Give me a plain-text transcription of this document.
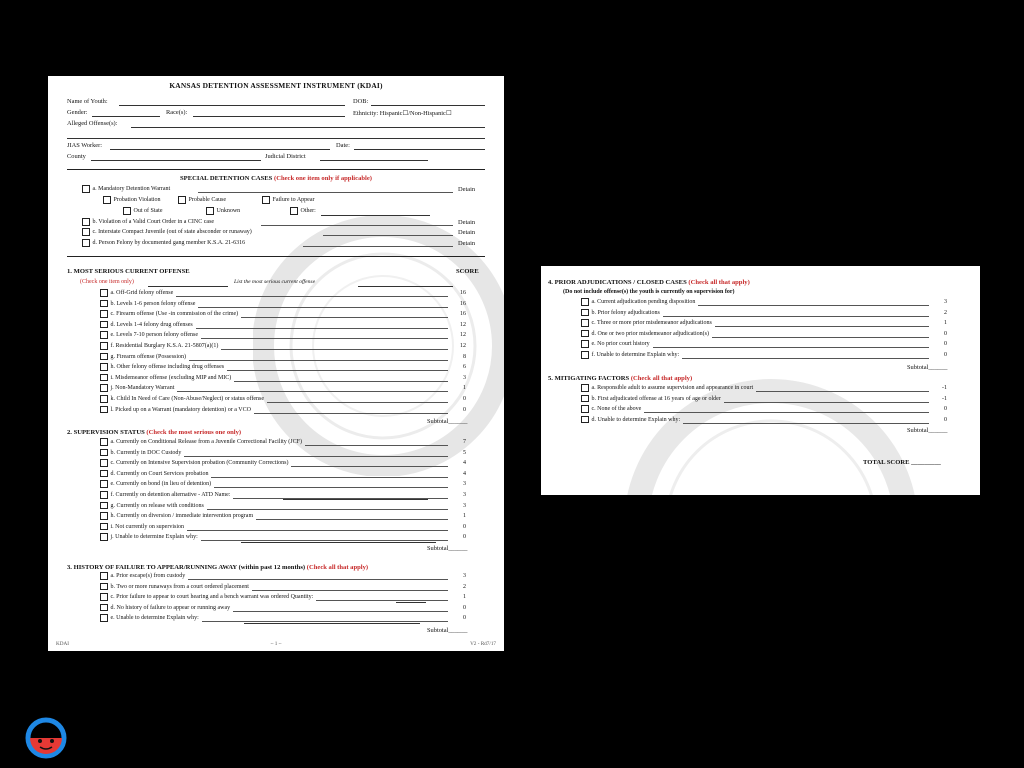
KANSAS DETENTION ASSESSMENT INSTRUMENT (KDAI)
Name of Youth:	DOB:
Gender:	Race(s):	Ethnicity: Hispanic☐/Non-Hispanic☐
Alleged Offense(s):
JIAS Worker:	Date:
County	Judicial District
SPECIAL DETENTION CASES (Check one item only if applicable)
a. Mandatory Detention Warrant	Detain
Probation Violation	Probable Cause	Failure to Appear
Out of State	Unknown	Other:
b. Violation of a Valid Court Order in a CINC case	Detain
c. Interstate Compact Juvenile (out of state absconder or runaway)	Detain
d. Person Felony by documented gang member K.S.A. 21-6316	Detain
1. MOST SERIOUS CURRENT OFFENSE	SCORE
(Check one item only)	List the most serious current offense
a. Off-Grid felony offense	16
b. Levels 1-6 person felony offense	16
c. Firearm offense (Use -in commission of the crime)	16
d. Levels 1-4 felony drug offenses	12
e. Levels 7-10 person felony offense	12
f. Residential Burglary K.S.A. 21-5807(a)(1)	12
g. Firearm offense (Possession)	8
h. Other felony offense including drug offenses	6
i. Misdemeanor offense (excluding MIP and MIC)	3
j. Non-Mandatory Warrant	1
k. Child In Need of Care (Non-Abuse/Neglect) or status offense	0
l. Picked up on a Warrant (mandatory detention) or a VCO	0
Subtotal______
2. SUPERVISION STATUS (Check the most serious one only)
a. Currently on Conditional Release from a Juvenile Correctional Facility (JCF)	7
b. Currently in DOC Custody	5
c. Currently on Intensive Supervision probation (Community Corrections)	4
d. Currently on Court Services probation	4
e. Currently on bond (in lieu of detention)	3
f. Currently on detention alternative - ATD Name:	3
g. Currently on release with conditions	3
h. Currently on diversion / immediate intervention program	1
i. Not currently on supervision	0
j. Unable to determine Explain why:	0
Subtotal______
3. HISTORY OF FAILURE TO APPEAR/RUNNING AWAY (within past 12 months) (Check all that apply)
a. Prior escape(s) from custody	3
b. Two or more runaways from a court ordered placement	2
c. Prior failure to appear to court hearing and a bench warrant was ordered Quantity:	1
d. No history of failure to appear or running away	0
e. Unable to determine Explain why:	0
Subtotal______
KDAI	~ 1 ~	V2 - Rd7/17
4. PRIOR ADJUDICATIONS / CLOSED CASES (Check all that apply)
(Do not include offense(s) the youth is currently on supervision for)
a. Current adjudication pending disposition	3
b. Prior felony adjudications	2
c. Three or more prior misdemeanor adjudications	1
d. One or two prior misdemeanor adjudication(s)	0
e. No prior court history	0
f. Unable to determine Explain why:	0
Subtotal______
5. MITIGATING FACTORS (Check all that apply)
a. Responsible adult to assume supervision and appearance in court	-1
b. First adjudicated offense at 16 years of age or older	-1
c. None of the above	0
d. Unable to determine Explain why:	0
Subtotal______
TOTAL SCORE _________
